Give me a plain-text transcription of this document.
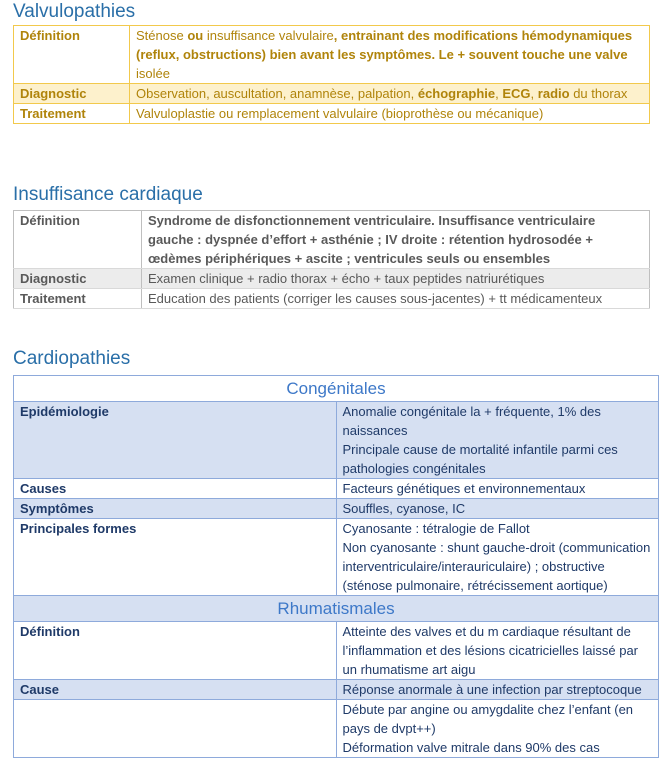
Valvulopathies
Définition	Sténose ou insuffisance valvulaire, entrainant des modifications hémodynamiques (reflux, obstructions) bien avant les symptômes. Le + souvent touche une valve isolée
Diagnostic	Observation, auscultation, anamnèse, palpation, échographie, ECG, radio du thorax
Traitement	Valvuloplastie ou remplacement valvulaire (bioprothèse ou mécanique)
Insuffisance cardiaque
Définition	Syndrome de disfonctionnement ventriculaire. Insuffisance ventriculaire gauche : dyspnée d’effort + asthénie ; IV droite : rétention hydrosodée + œdèmes périphériques + ascite ; ventricules seuls ou ensembles
Diagnostic	Examen clinique + radio thorax + écho + taux peptides natriurétiques
Traitement	Education des patients (corriger les causes sous-jacentes) + tt médicamenteux
Cardiopathies
Congénitales	
Epidémiologie	Anomalie congénitale la + fréquente, 1% des naissances
Principale cause de mortalité infantile parmi ces pathologies congénitales

Causes	Facteurs génétiques et environnementaux
Symptômes	Souffles, cyanose, IC
Principales formes	Cyanosante : tétralogie de Fallot
Non cyanosante : shunt gauche-droit (communication interventriculaire/interauriculaire) ; obstructive (sténose pulmonaire, rétrécissement aortique)

Rhumatismales	
Définition	Atteinte des valves et du m cardiaque résultant de l’inflammation et des lésions cicatricielles laissé par un rhumatisme art aigu
Cause	Réponse anormale à une infection par streptocoque

	Débute par angine ou amygdalite chez l’enfant (en pays de dvpt++)
Déformation valve mitrale dans 90% des cas
